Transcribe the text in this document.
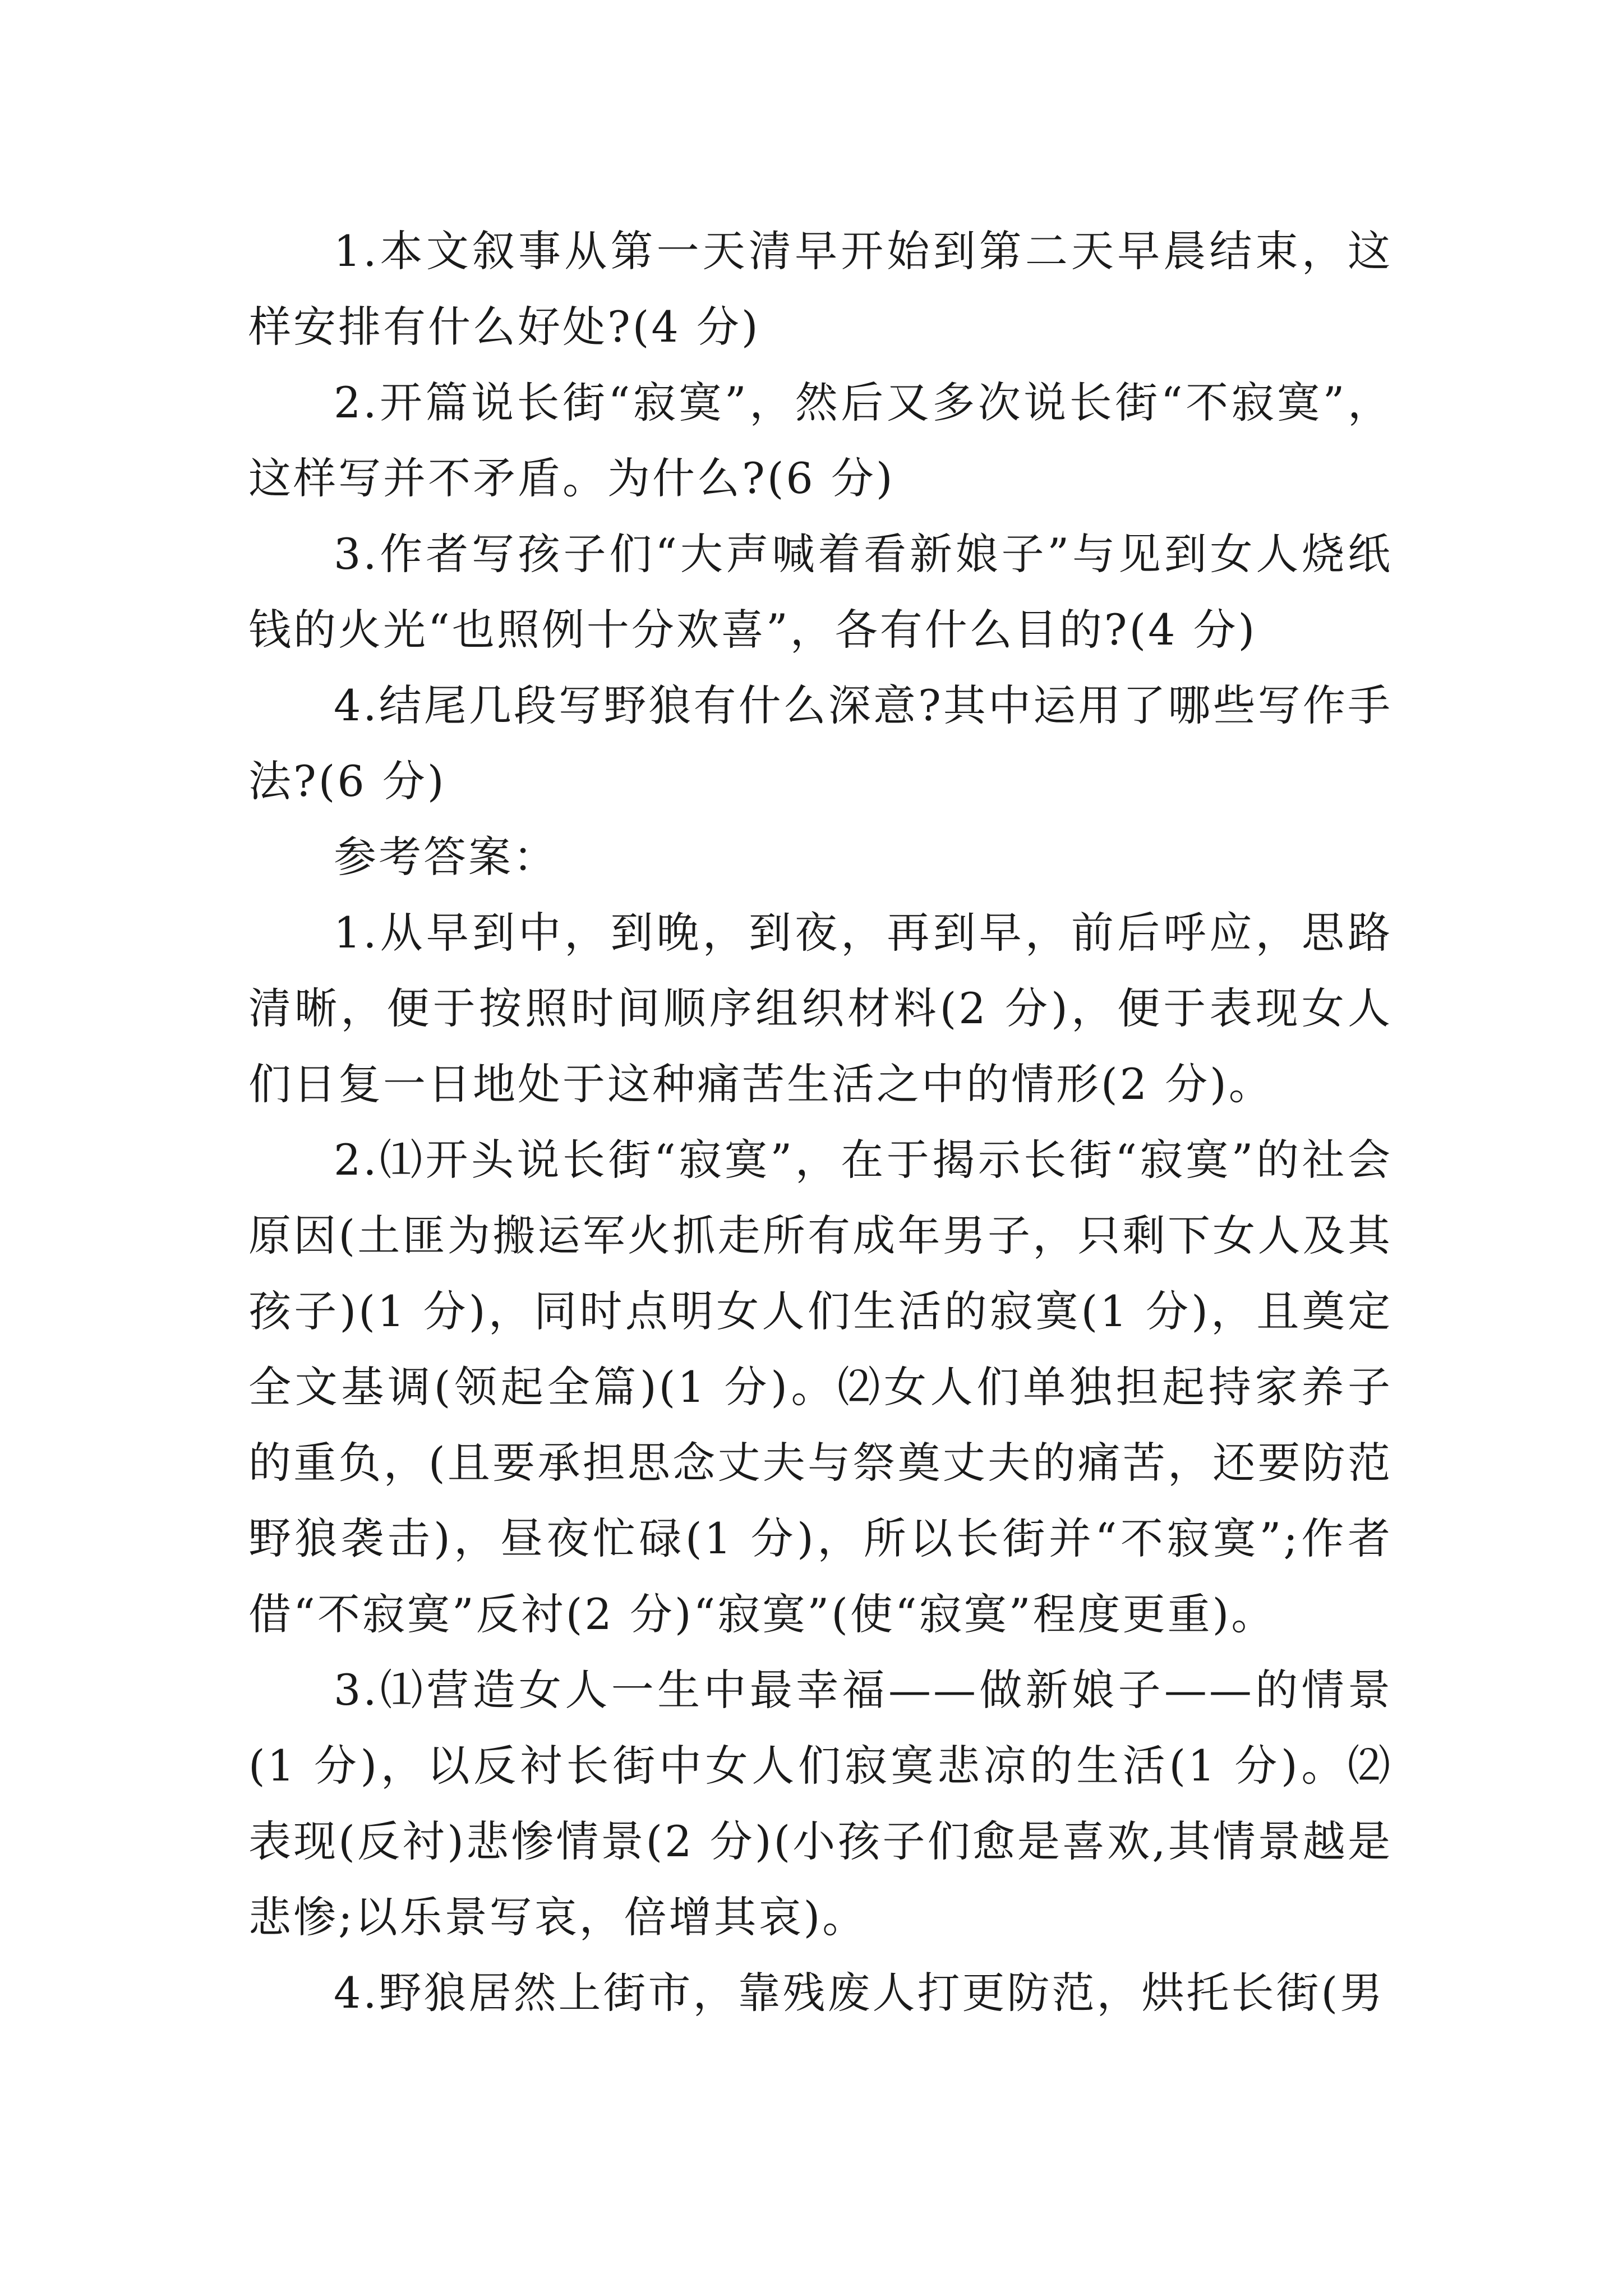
1.本文叙事从第一天清早开始到第二天早晨结束，这样安排有什么好处?(4 分)

2.开篇说长街“寂寞”，然后又多次说长街“不寂寞”，这样写并不矛盾。为什么?(6 分)

3.作者写孩子们“大声喊着看新娘子”与见到女人烧纸钱的火光“也照例十分欢喜”，各有什么目的?(4 分)

4.结尾几段写野狼有什么深意?其中运用了哪些写作手法?(6 分)

参考答案：

1.从早到中，到晚，到夜，再到早，前后呼应，思路清晰，便于按照时间顺序组织材料(2 分)，便于表现女人们日复一日地处于这种痛苦生活之中的情形(2 分)。

2.⑴开头说长街“寂寞”，在于揭示长街“寂寞”的社会原因(土匪为搬运军火抓走所有成年男子，只剩下女人及其孩子)(1 分)，同时点明女人们生活的寂寞(1 分)，且奠定全文基调(领起全篇)(1 分)。⑵女人们单独担起持家养子的重负，(且要承担思念丈夫与祭奠丈夫的痛苦，还要防范野狼袭击)，昼夜忙碌(1 分)，所以长街并“不寂寞”;作者借“不寂寞”反衬(2 分)“寂寞”(使“寂寞”程度更重)。

3.⑴营造女人一生中最幸福——做新娘子——的情景(1 分)，以反衬长街中女人们寂寞悲凉的生活(1 分)。⑵表现(反衬)悲惨情景(2 分)(小孩子们愈是喜欢,其情景越是悲惨;以乐景写哀，倍增其哀)。

4.野狼居然上街市，靠残废人打更防范，烘托长街(男
